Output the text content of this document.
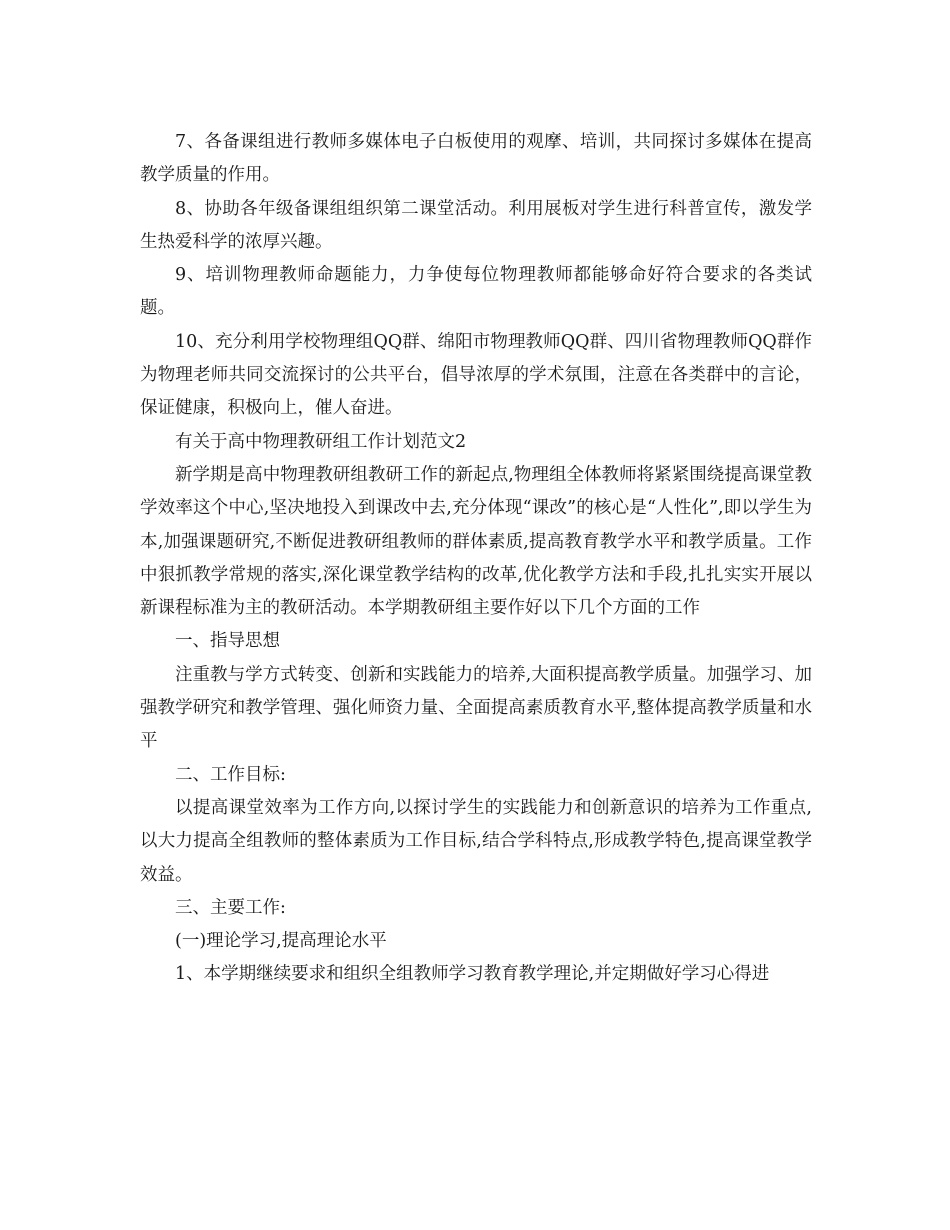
7、各备课组进行教师多媒体电子白板使用的观摩、培训，共同探讨多媒体在提高教学质量的作用。

8、协助各年级备课组组织第二课堂活动。利用展板对学生进行科普宣传，激发学生热爱科学的浓厚兴趣。

9、培训物理教师命题能力，力争使每位物理教师都能够命好符合要求的各类试题。

10、充分利用学校物理组QQ群、绵阳市物理教师QQ群、四川省物理教师QQ群作为物理老师共同交流探讨的公共平台，倡导浓厚的学术氛围，注意在各类群中的言论，保证健康，积极向上，催人奋进。

有关于高中物理教研组工作计划范文2

新学期是高中物理教研组教研工作的新起点,物理组全体教师将紧紧围绕提高课堂教学效率这个中心,坚决地投入到课改中去,充分体现“课改”的核心是“人性化”,即以学生为本,加强课题研究,不断促进教研组教师的群体素质,提高教育教学水平和教学质量。工作中狠抓教学常规的落实,深化课堂教学结构的改革,优化教学方法和手段,扎扎实实开展以新课程标准为主的教研活动。本学期教研组主要作好以下几个方面的工作

一、指导思想

注重教与学方式转变、创新和实践能力的培养,大面积提高教学质量。加强学习、加强教学研究和教学管理、强化师资力量、全面提高素质教育水平,整体提高教学质量和水平

二、工作目标:

以提高课堂效率为工作方向,以探讨学生的实践能力和创新意识的培养为工作重点,以大力提高全组教师的整体素质为工作目标,结合学科特点,形成教学特色,提高课堂教学效益。

三、主要工作:

(一)理论学习,提高理论水平

1、本学期继续要求和组织全组教师学习教育教学理论,并定期做好学习心得进
